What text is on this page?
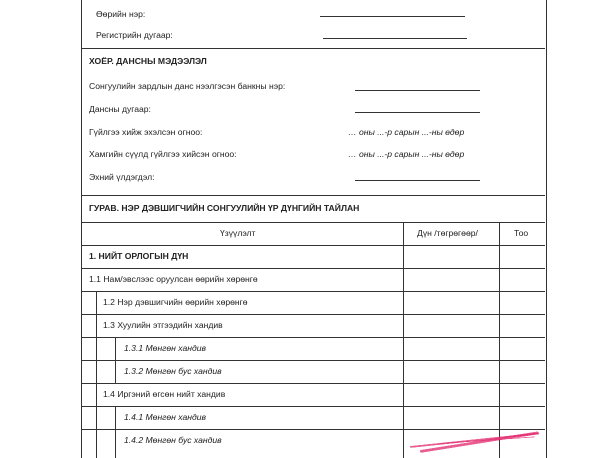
Өөрийн нэр:
Регистрийн дугаар:
ХОЁР. ДАНСНЫ МЭДЭЭЛЭЛ
Сонгуулийн зардлын данс нээлгэсэн банкны нэр:
Дансны дугаар:
Гүйлгээ хийж эхэлсэн огноо:	… оны ...-р сарын ...-ны өдөр
Хамгийн сүүлд гүйлгээ хийсэн огноо:	… оны ...-р сарын ...-ны өдөр
Эхний үлдэгдэл:
ГУРАВ. НЭР ДЭВШИГЧИЙН СОНГУУЛИЙН ҮР ДҮНГИЙН ТАЙЛАН
Үзүүлэлт	Дүн /төгрөгөөр/	Тоо
1. НИЙТ ОРЛОГЫН ДҮН
1.1 Нам/эвслээс оруулсан өөрийн хөрөнгө
1.2 Нэр дэвшигчийн өөрийн хөрөнгө
1.3 Хуулийн этгээдийн хандив
1.3.1 Мөнгөн хандив
1.3.2 Мөнгөн бус хандив
1.4 Иргэний өгсөн нийт хандив
1.4.1 Мөнгөн хандив
1.4.2 Мөнгөн бус хандив
